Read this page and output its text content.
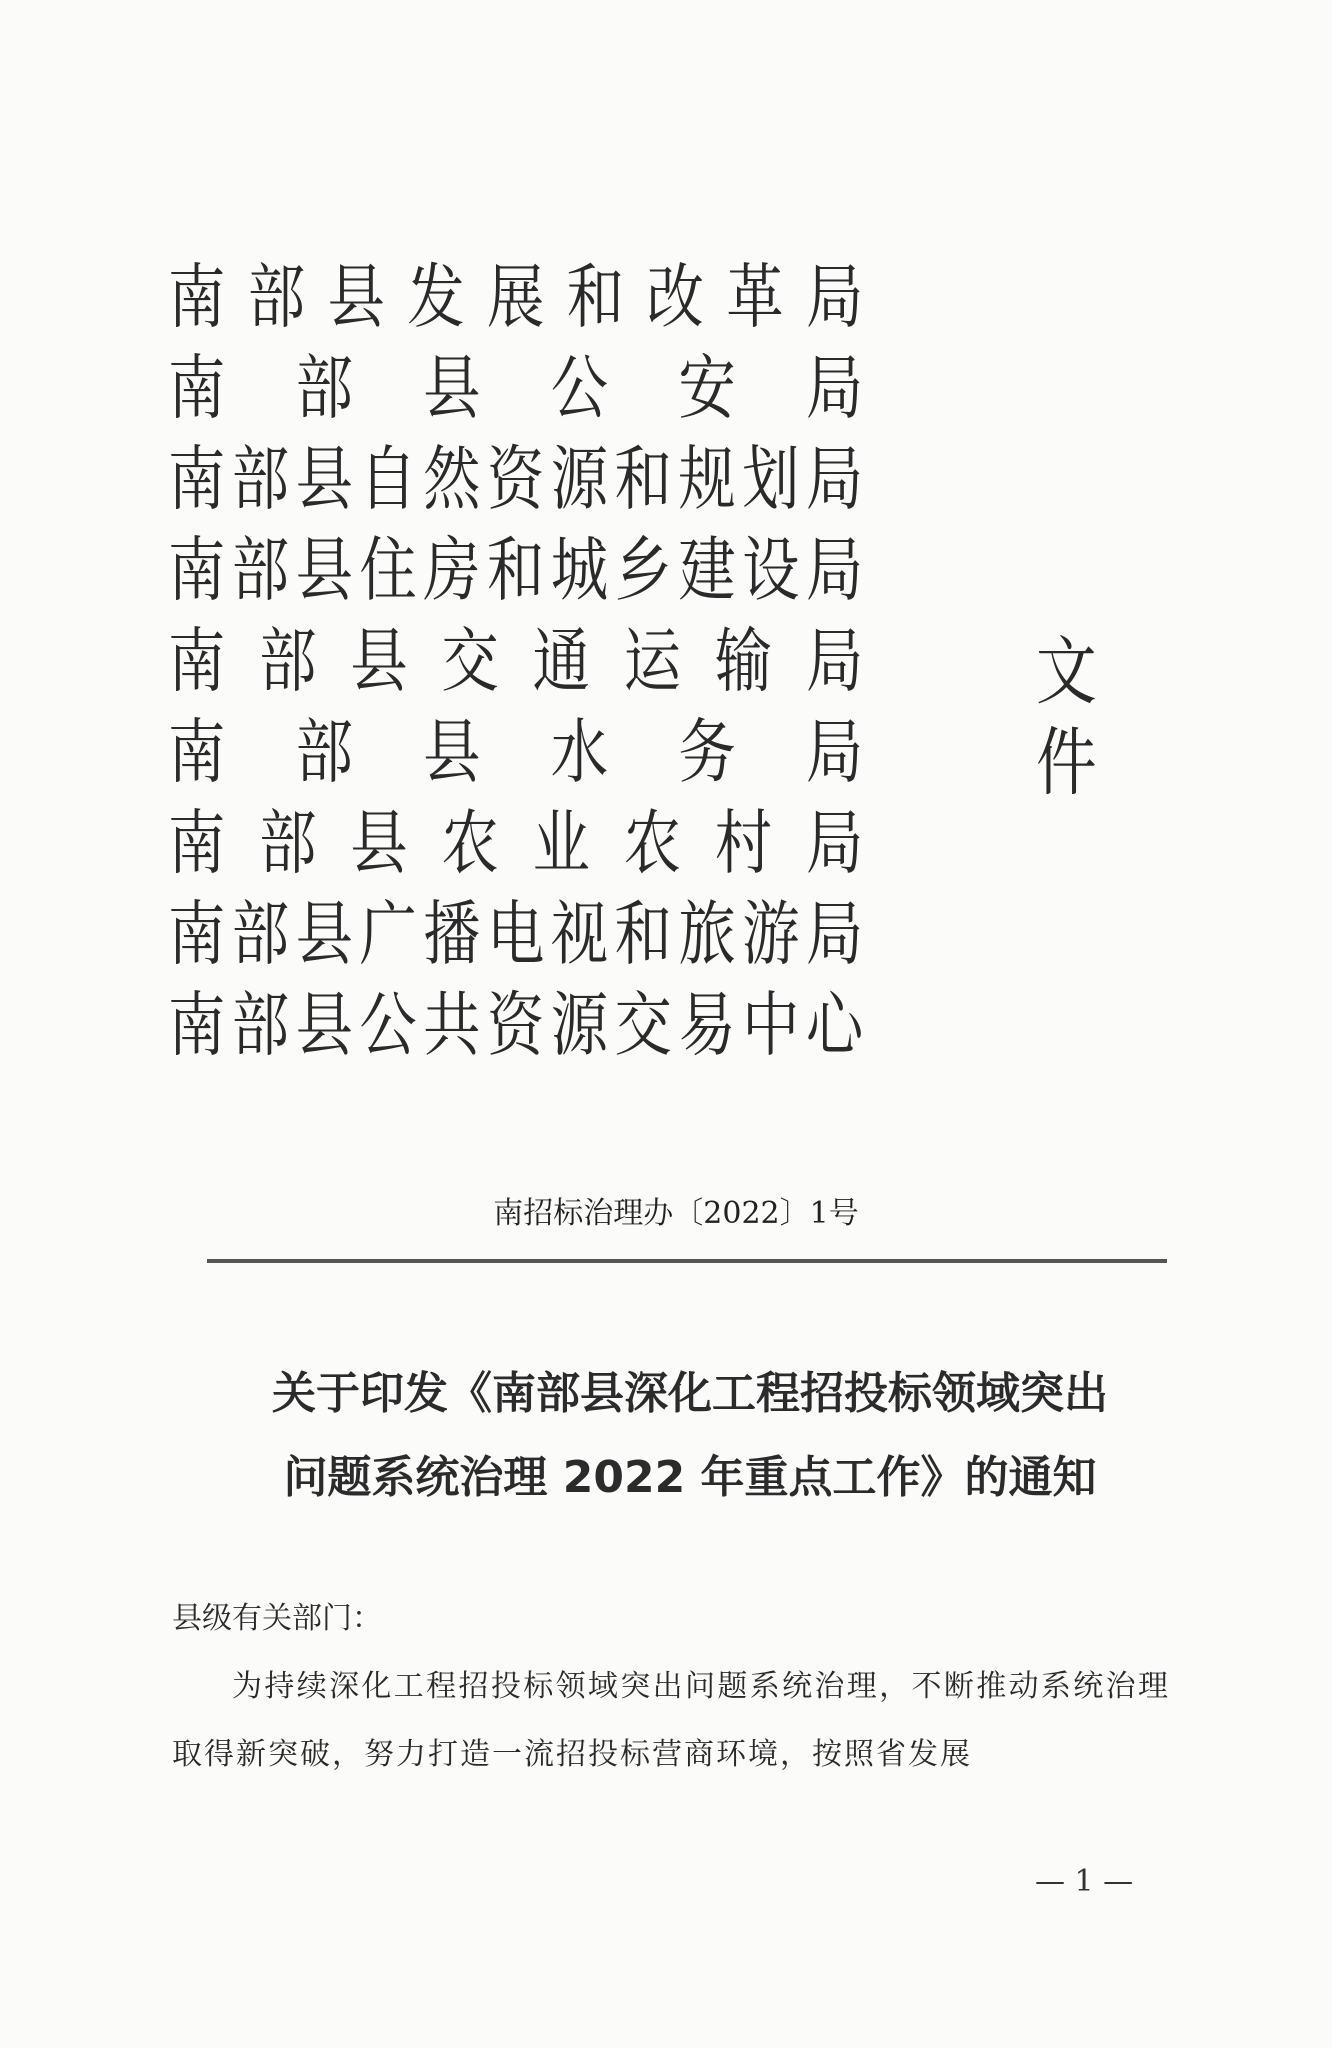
南 部 县 发 展 和 改 革 局
南 部 县 公 安 局
南 部 县 自 然 资 源 和 规 划 局
南 部 县 住 房 和 城 乡 建 设 局
南 部 县 交 通 运 输 局
南 部 县 水 务 局
南 部 县 农 业 农 村 局
南 部 县 广 播 电 视 和 旅 游 局
南 部 县 公 共 资 源 交 易 中 心
文件
南招标治理办〔2022〕1号
关于印发《南部县深化工程招投标领域突出
问题系统治理 2022 年重点工作》的通知
县级有关部门：
为持续深化工程招投标领域突出问题系统治理，不断推动系统治理取得新突破，努力打造一流招投标营商环境，按照省发展
— 1 —
